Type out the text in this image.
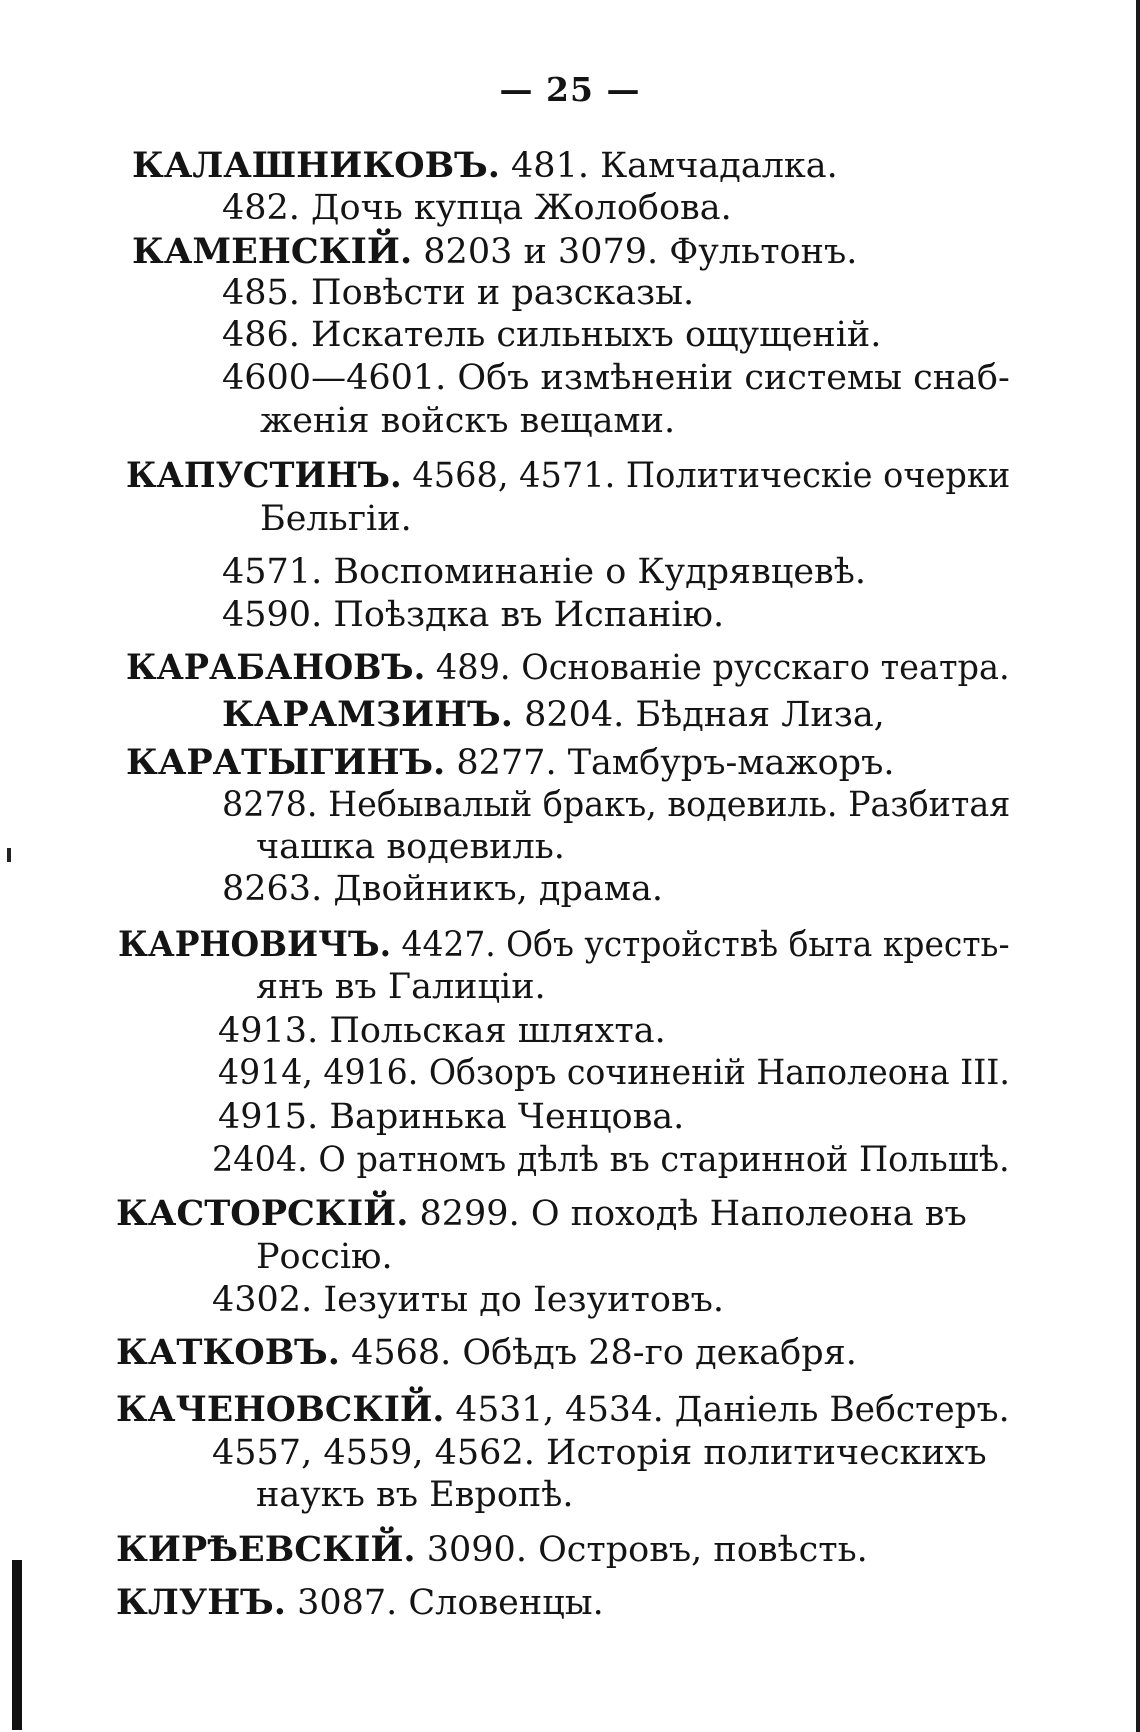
— 25 —
КАЛАШНИКОВЪ. 481. Камчадалка.
482. Дочь купца Жолобова.
КАМЕНСКІЙ. 8203 и 3079. Фультонъ.
485. Повѣсти и разсказы.
486. Искатель сильныхъ ощущеній.
4600—4601. Объ измѣненіи системы снаб-
женія войскъ вещами.
КАПУСТИНЪ. 4568, 4571. Политическіе очерки
Бельгіи.
4571. Воспоминаніе о Кудрявцевѣ.
4590. Поѣздка въ Испанію.
КАРАБАНОВЪ. 489. Основаніе русскаго театра.
КАРАМЗИНЪ. 8204. Бѣдная Лиза,
КАРАТЫГИНЪ. 8277. Тамбуръ-мажоръ.
8278. Небывалый бракъ, водевиль. Разбитая
чашка водевиль.
8263. Двойникъ, драма.
КАРНОВИЧЪ. 4427. Объ устройствѣ быта кресть-
янъ въ Галиціи.
4913. Польская шляхта.
4914, 4916. Обзоръ сочиненій Наполеона III.
4915. Варинька Ченцова.
2404. О ратномъ дѣлѣ въ старинной Польшѣ.
КАСТОРСКІЙ. 8299. О походѣ Наполеона въ
Россію.
4302. Іезуиты до Іезуитовъ.
КАТКОВЪ. 4568. Обѣдъ 28-го декабря.
КАЧЕНОВСКІЙ. 4531, 4534. Даніель Вебстеръ.
4557, 4559, 4562. Исторія политическихъ
наукъ въ Европѣ.
КИРѢЕВСКІЙ. 3090. Островъ, повѣсть.
КЛУНЪ. 3087. Словенцы.
